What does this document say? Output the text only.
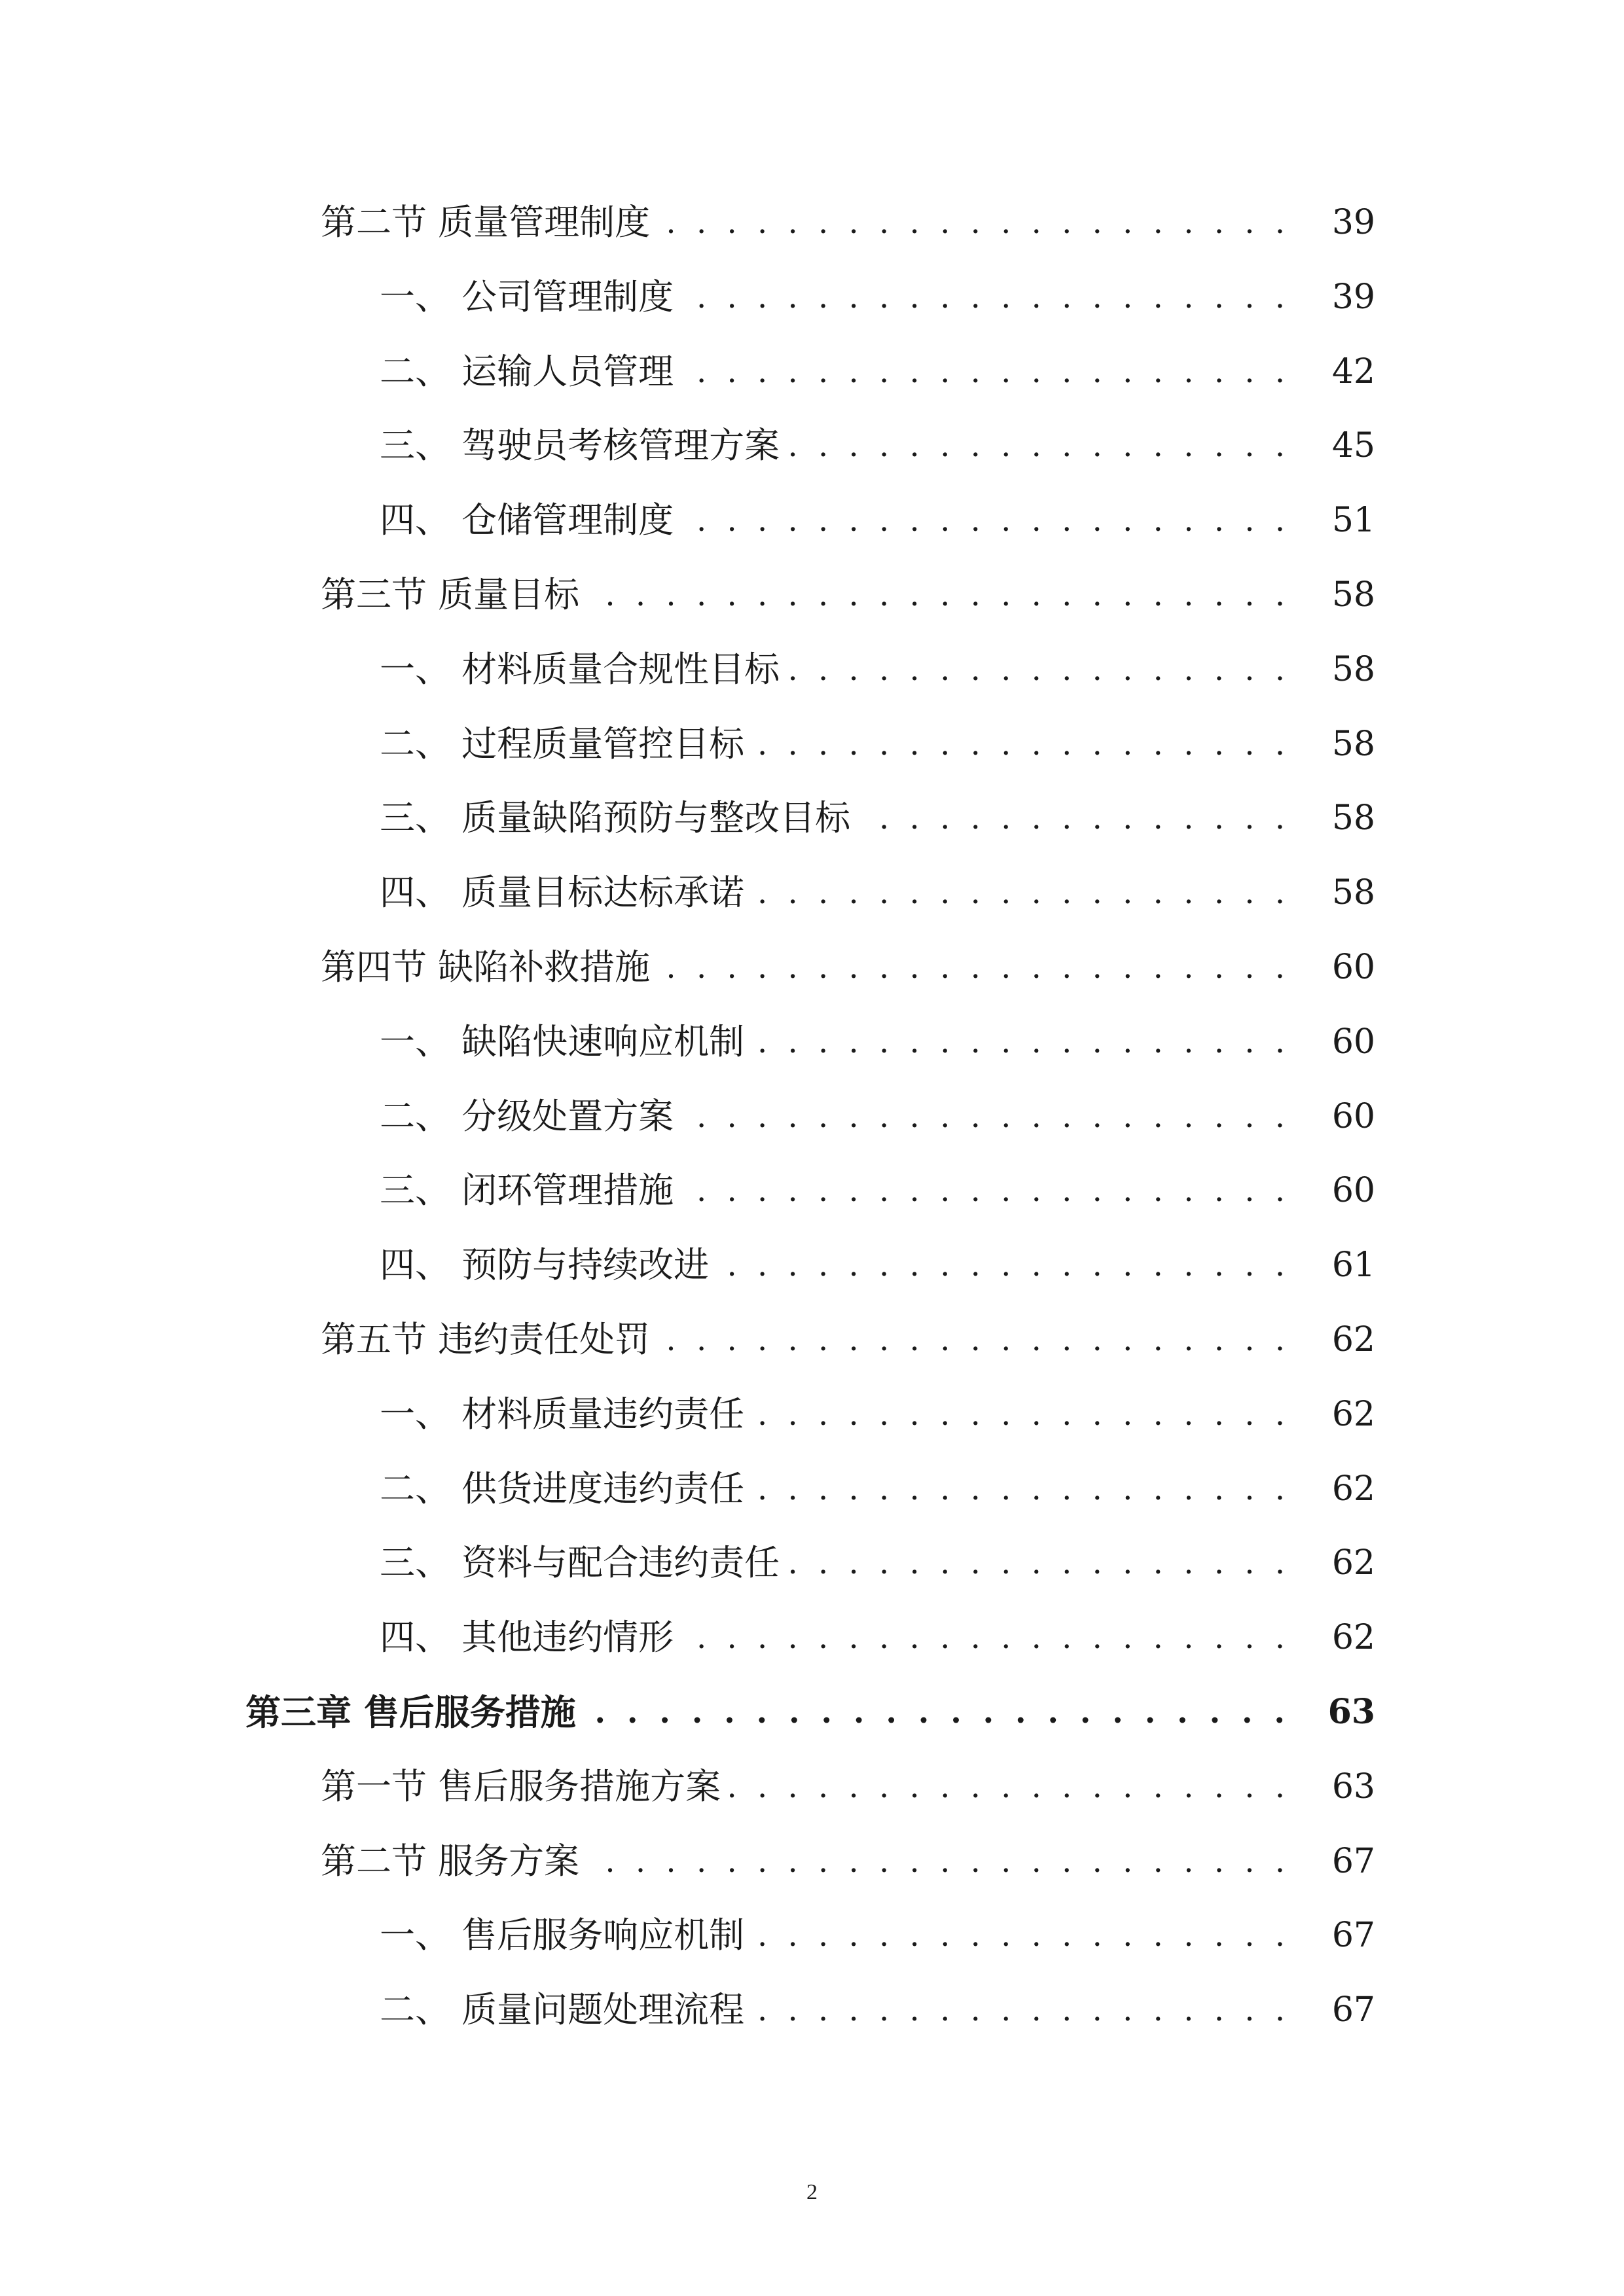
第二节 质量管理制度 . . .	39
一、 公司管理制度 . . .	39
二、 运输人员管理 . . .	42
三、 驾驶员考核管理方案 . . .	45
四、 仓储管理制度 . . .	51
第三节 质量目标 . . .	58
一、 材料质量合规性目标 . . .	58
二、 过程质量管控目标 . . .	58
三、 质量缺陷预防与整改目标 . . .	58
四、 质量目标达标承诺 . . .	58
第四节 缺陷补救措施 . . .	60
一、 缺陷快速响应机制 . . .	60
二、 分级处置方案 . . .	60
三、 闭环管理措施 . . .	60
四、 预防与持续改进 . . .	61
第五节 违约责任处罚 . . .	62
一、 材料质量违约责任 . . .	62
二、 供货进度违约责任 . . .	62
三、 资料与配合违约责任 . . .	62
四、 其他违约情形 . . .	62
第三章 售后服务措施 . . .	63
第一节 售后服务措施方案 . . .	63
第二节 服务方案 . . .	67
一、 售后服务响应机制 . . .	67
二、 质量问题处理流程 . . .	67
2
